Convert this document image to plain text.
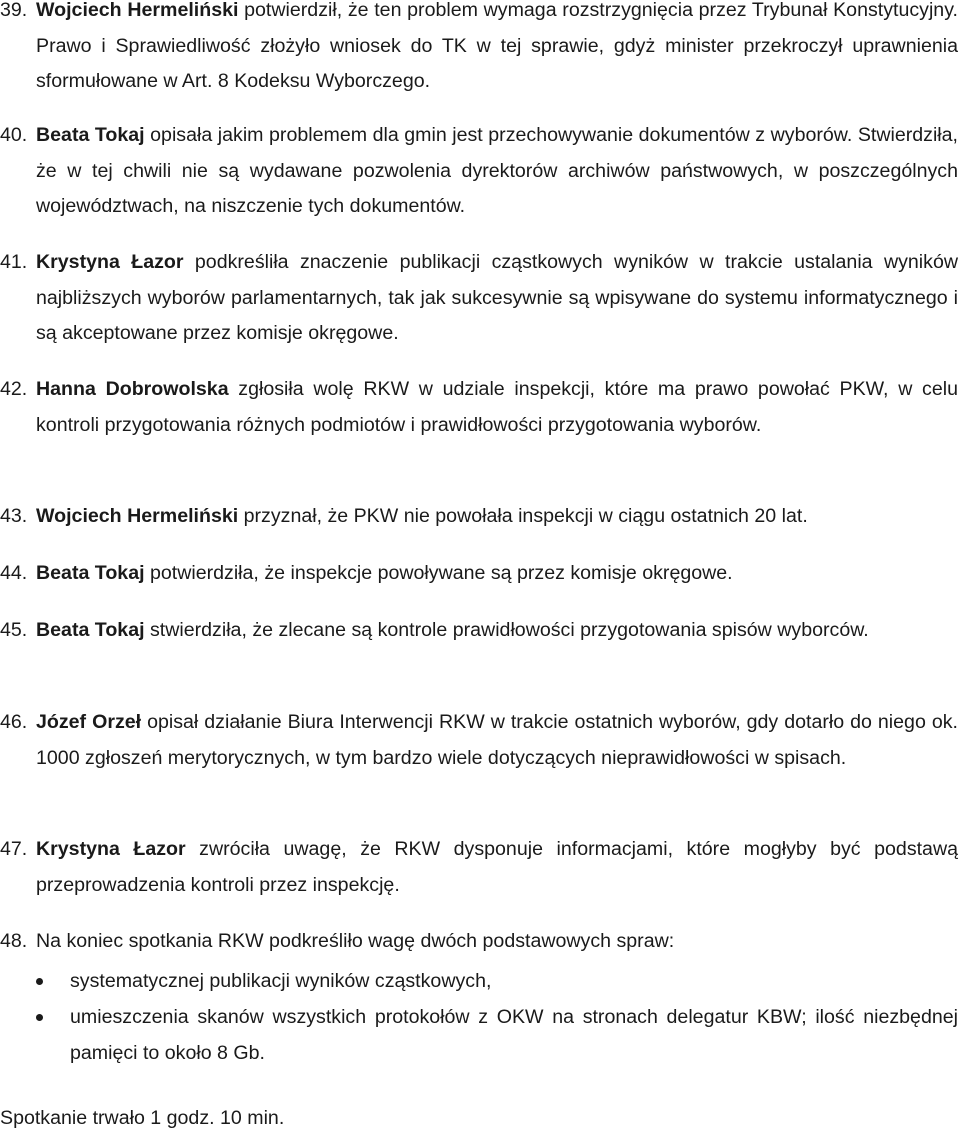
39. Wojciech Hermeliński potwierdził, że ten problem wymaga rozstrzygnięcia przez Trybunał Konstytucyjny. Prawo i Sprawiedliwość złożyło wniosek do TK w tej sprawie, gdyż minister przekroczył uprawnienia sformułowane w Art. 8 Kodeksu Wyborczego.
40. Beata Tokaj opisała jakim problemem dla gmin jest przechowywanie dokumentów z wyborów. Stwierdziła, że w tej chwili nie są wydawane pozwolenia dyrektorów archiwów państwowych, w poszczególnych województwach, na niszczenie tych dokumentów.
41. Krystyna Łazor podkreśliła znaczenie publikacji cząstkowych wyników w trakcie ustalania wyników najbliższych wyborów parlamentarnych, tak jak sukcesywnie są wpisywane do systemu informatycznego i są akceptowane przez komisje okręgowe.
42. Hanna Dobrowolska zgłosiła wolę RKW w udziale inspekcji, które ma prawo powołać PKW, w celu kontroli przygotowania różnych podmiotów i prawidłowości przygotowania wyborów.
43. Wojciech Hermeliński przyznał, że PKW nie powołała inspekcji w ciągu ostatnich 20 lat.
44. Beata Tokaj potwierdziła, że inspekcje powoływane są przez komisje okręgowe.
45. Beata Tokaj stwierdziła, że zlecane są kontrole prawidłowości przygotowania spisów wyborców.
46. Józef Orzeł opisał działanie Biura Interwencji RKW w trakcie ostatnich wyborów, gdy dotarło do niego ok. 1000 zgłoszeń merytorycznych, w tym bardzo wiele dotyczących nieprawidłowości w spisach.
47. Krystyna Łazor zwróciła uwagę, że RKW dysponuje informacjami, które mogłyby być podstawą przeprowadzenia kontroli przez inspekcję.
48. Na koniec spotkania RKW podkreśliło wagę dwóch podstawowych spraw:
systematycznej publikacji wyników cząstkowych,
umieszczenia skanów wszystkich protokołów z OKW na stronach delegatur KBW; ilość niezbędnej pamięci to około 8 Gb.
Spotkanie trwało 1 godz. 10 min.
